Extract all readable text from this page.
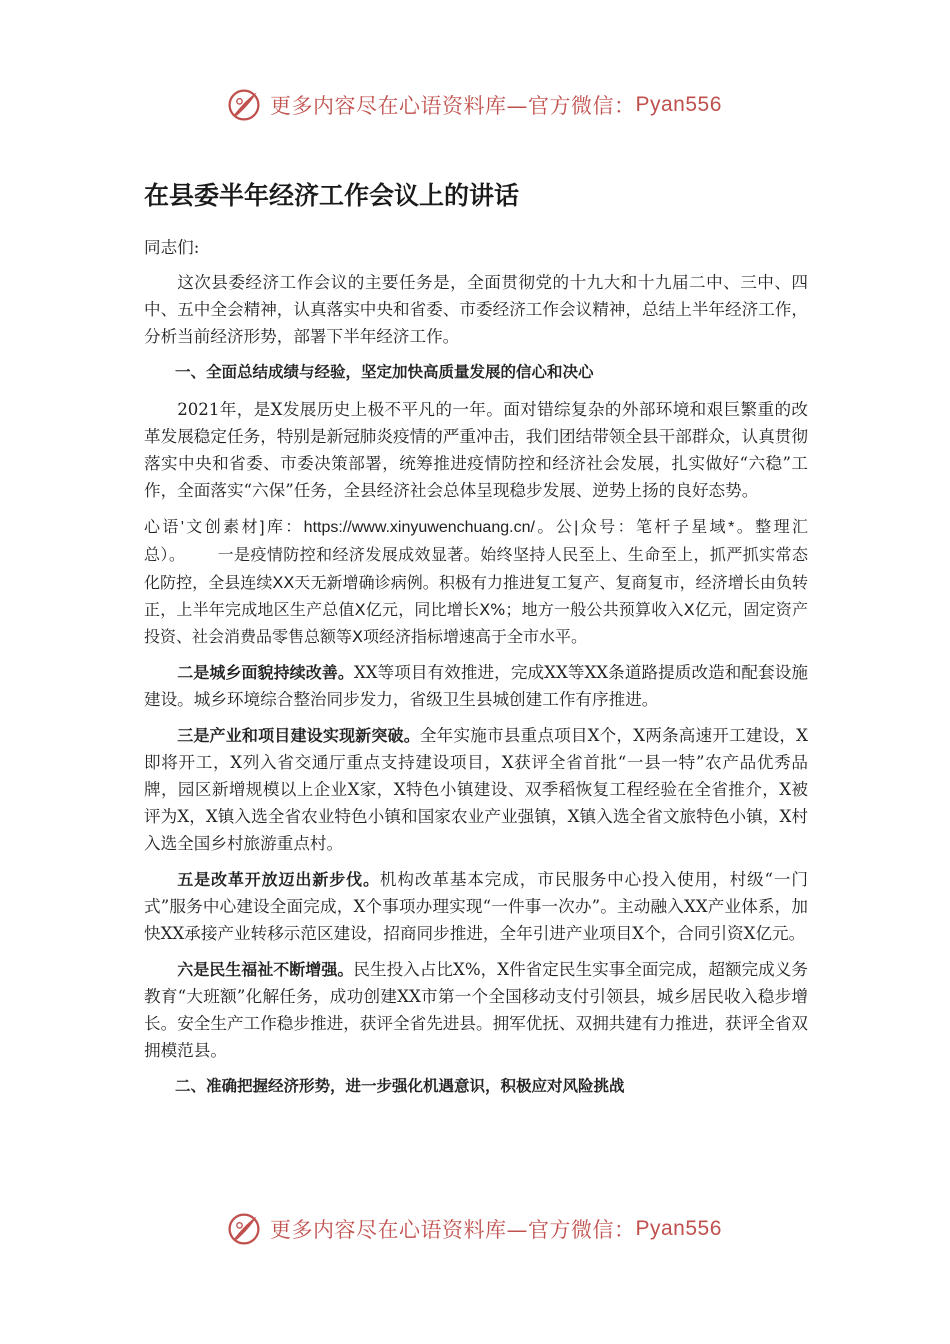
更多内容尽在心语资料库—官方微信： Pyan556
在县委半年经济工作会议上的讲话

同志们:

这次县委经济工作会议的主要任务是，全面贯彻党的十九大和十九届二中、三中、四中、五中全会精神，认真落实中央和省委、市委经济工作会议精神，总结上半年经济工作，分析当前经济形势，部署下半年经济工作。

一、全面总结成绩与经验，坚定加快高质量发展的信心和决心

2021年，是X发展历史上极不平凡的一年。面对错综复杂的外部环境和艰巨繁重的改革发展稳定任务，特别是新冠肺炎疫情的严重冲击，我们团结带领全县干部群众，认真贯彻落实中央和省委、市委决策部署，统筹推进疫情防控和经济社会发展，扎实做好“六稳”工作，全面落实“六保”任务，全县经济社会总体呈现稳步发展、逆势上扬的良好态势。

心语'文创素材]库：https://www.xinyuwenchuang.cn/。公|众号：笔杆子星域*。整理汇总）。   一是疫情防控和经济发展成效显著。始终坚持人民至上、生命至上，抓严抓实常态化防控，全县连续XX天无新增确诊病例。积极有力推进复工复产、复商复市，经济增长由负转正，上半年完成地区生产总值X亿元，同比增长X%；地方一般公共预算收入X亿元，固定资产投资、社会消费品零售总额等X项经济指标增速高于全市水平。

二是城乡面貌持续改善。XX等项目有效推进，完成XX等XX条道路提质改造和配套设施建设。城乡环境综合整治同步发力，省级卫生县城创建工作有序推进。

三是产业和项目建设实现新突破。全年实施市县重点项目X个，X两条高速开工建设，X即将开工，X列入省交通厅重点支持建设项目，X获评全省首批“一县一特”农产品优秀品牌，园区新增规模以上企业X家，X特色小镇建设、双季稻恢复工程经验在全省推介，X被评为X，X镇入选全省农业特色小镇和国家农业产业强镇，X镇入选全省文旅特色小镇，X村入选全国乡村旅游重点村。

五是改革开放迈出新步伐。机构改革基本完成，市民服务中心投入使用，村级“一门式”服务中心建设全面完成，X个事项办理实现“一件事一次办”。主动融入XX产业体系，加快XX承接产业转移示范区建设，招商同步推进，全年引进产业项目X个，合同引资X亿元。

六是民生福祉不断增强。民生投入占比X%，X件省定民生实事全面完成，超额完成义务教育“大班额”化解任务，成功创建XX市第一个全国移动支付引领县，城乡居民收入稳步增长。安全生产工作稳步推进，获评全省先进县。拥军优抚、双拥共建有力推进，获评全省双拥模范县。

二、准确把握经济形势，进一步强化机遇意识，积极应对风险挑战

更多内容尽在心语资料库—官方微信： Pyan556
